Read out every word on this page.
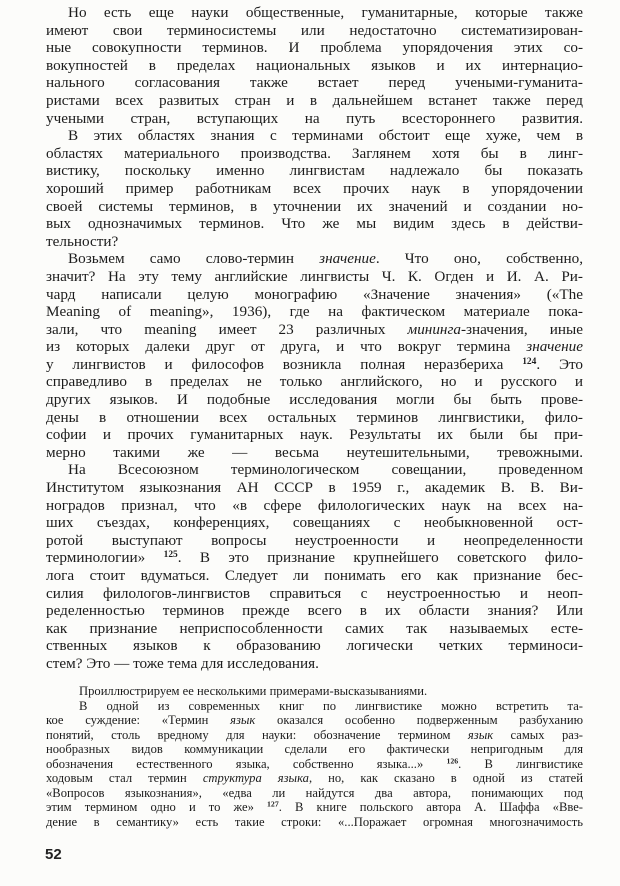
Но есть еще науки общественные, гуманитарные, которые также
имеют свои терминосистемы или недостаточно систематизирован-
ные совокупности терминов. И проблема упорядочения этих со-
вокупностей в пределах национальных языков и их интернацио-
нального согласования также встает перед учеными-гуманита-
ристами всех развитых стран и в дальнейшем встанет также перед
учеными стран, вступающих на путь всестороннего развития.
В этих областях знания с терминами обстоит еще хуже, чем в
областях материального производства. Заглянем хотя бы в линг-
вистику, поскольку именно лингвистам надлежало бы показать
хороший пример работникам всех прочих наук в упорядочении
своей системы терминов, в уточнении их значений и создании но-
вых однозначимых терминов. Что же мы видим здесь в действи-
тельности?
Возьмем само слово-термин значение. Что оно, собственно,
значит? На эту тему английские лингвисты Ч. К. Огден и И. А. Ри-
чард написали целую монографию «Значение значения» («The
Meaning of meaning», 1936), где на фактическом материале пока-
зали, что meaning имеет 23 различных мининга-значения, иные
из которых далеки друг от друга, и что вокруг термина значение
у лингвистов и философов возникла полная неразбериха $^{124}$. Это
справедливо в пределах не только английского, но и русского и
других языков. И подобные исследования могли бы быть прове-
дены в отношении всех остальных терминов лингвистики, фило-
софии и прочих гуманитарных наук. Результаты их были бы при-
мерно такими же — весьма неутешительными, тревожными.
На Всесоюзном терминологическом совещании, проведенном
Институтом языкознания АН СССР в 1959 г., академик В. В. Ви-
ноградов признал, что «в сфере филологических наук на всех на-
ших съездах, конференциях, совещаниях с необыкновенной ост-
ротой выступают вопросы неустроенности и неопределенности
терминологии» $^{125}$. В это признание крупнейшего советского фило-
лога стоит вдуматься. Следует ли понимать его как признание бес-
силия филологов-лингвистов справиться с неустроенностью и неоп-
ределенностью терминов прежде всего в их области знания? Или
как признание неприспособленности самих так называемых есте-
ственных языков к образованию логически четких терминоси-
стем? Это — тоже тема для исследования.
Проиллюстрируем ее несколькими примерами-высказываниями.
В одной из современных книг по лингвистике можно встретить та-
кое суждение: «Термин язык оказался особенно подверженным разбуханию
понятий, столь вредному для науки: обозначение термином язык самых раз-
нообразных видов коммуникации сделали его фактически непригодным для
обозначения естественного языка, собственно языка...» $^{126}$. В лингвистике
ходовым стал термин структура языка, но, как сказано в одной из статей
«Вопросов языкознания», «едва ли найдутся два автора, понимающих под
этим термином одно и то же» $^{127}$. В книге польского автора А. Шаффа «Вве-
дение в семантику» есть такие строки: «...Поражает огромная многозначимость
52
